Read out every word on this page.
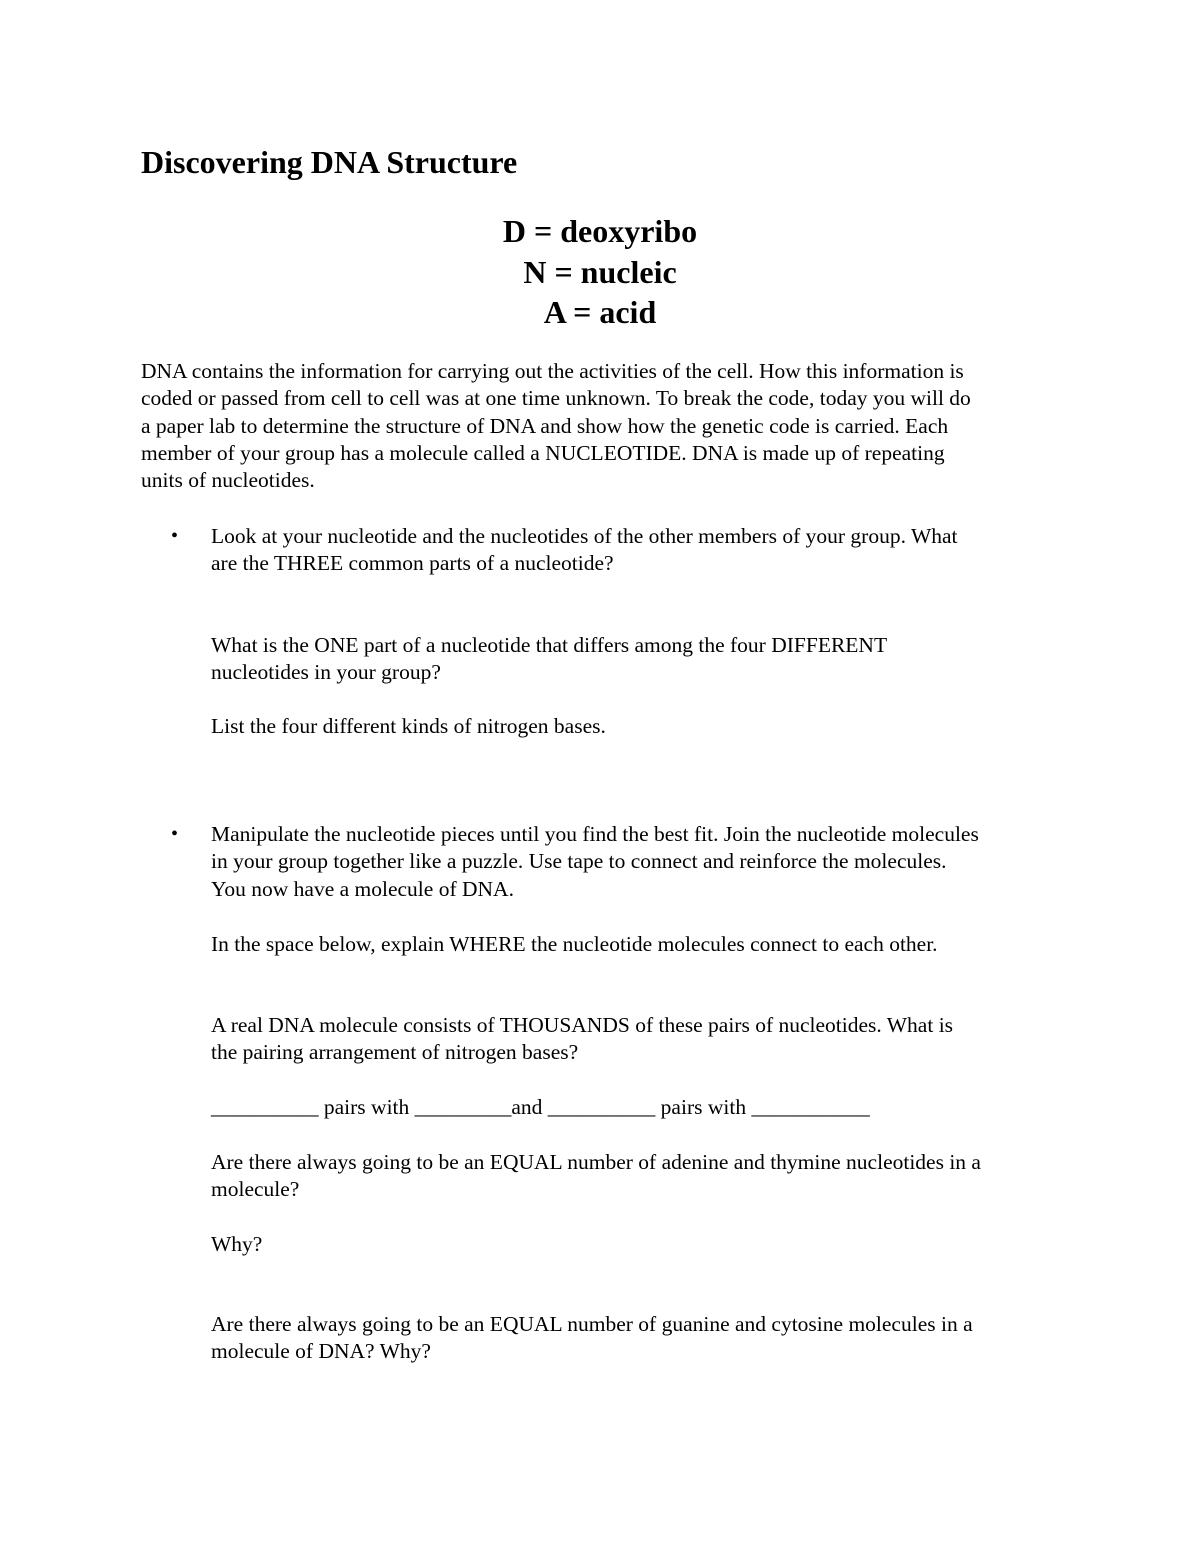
Discovering DNA Structure
D = deoxyribo
N = nucleic
A = acid

DNA contains the information for carrying out the activities of the cell. How this information is
coded or passed from cell to cell was at one time unknown. To break the code, today you will do
a paper lab to determine the structure of DNA and show how the genetic code is carried. Each
member of your group has a molecule called a NUCLEOTIDE. DNA is made up of repeating
units of nucleotides.

• Look at your nucleotide and the nucleotides of the other members of your group. What
are the THREE common parts of a nucleotide?

What is the ONE part of a nucleotide that differs among the four DIFFERENT
nucleotides in your group?

List the four different kinds of nitrogen bases.

• Manipulate the nucleotide pieces until you find the best fit. Join the nucleotide molecules
in your group together like a puzzle. Use tape to connect and reinforce the molecules.
You now have a molecule of DNA.

In the space below, explain WHERE the nucleotide molecules connect to each other.

A real DNA molecule consists of THOUSANDS of these pairs of nucleotides. What is
the pairing arrangement of nitrogen bases?

__________ pairs with _________and __________ pairs with ___________

Are there always going to be an EQUAL number of adenine and thymine nucleotides in a
molecule?

Why?

Are there always going to be an EQUAL number of guanine and cytosine molecules in a
molecule of DNA? Why?
